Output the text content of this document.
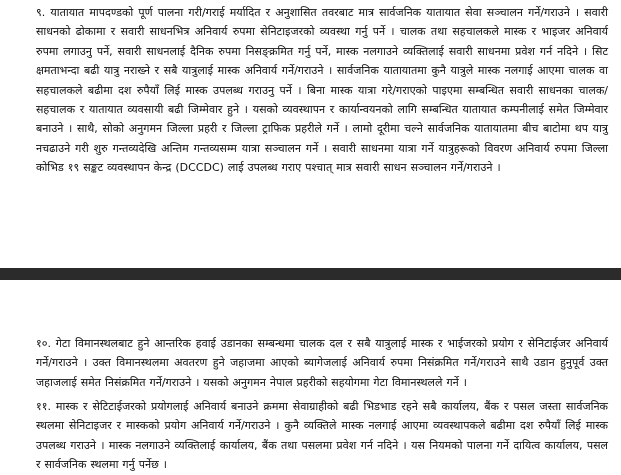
९. यातायात मापदण्डको पूर्ण पालना गरी/गराई मर्यादित र अनुशासित तवरबाट मात्र सार्वजनिक यातायात सेवा सञ्चालन गर्ने/गराउने । सवारी साधनको ढोकामा र सवारी साधनभित्र अनिवार्य रुपमा सेनिटाइजरको व्यवस्था गर्नु पर्ने । चालक तथा सहचालकले मास्क र भाइजर अनिवार्य रुपमा लगाउनु पर्ने, सवारी साधनलाई दैनिक रुपमा निसङ्क्रमित गर्नु पर्ने, मास्क नलगाउने व्यक्तिलाई सवारी साधनमा प्रवेश गर्न नदिने । सिट क्षमताभन्दा बढी यात्रु नराख्ने र सबै यात्रुलाई मास्क अनिवार्य गर्ने/गराउने । सार्वजनिक यातायातमा कुनै यात्रुले मास्क नलगाई आएमा चालक वा सहचालकले बढीमा दश रुपैयाँ लिई मास्क उपलब्ध गराउनु पर्ने । बिना मास्क यात्रा गरे/गराएको पाइएमा सम्बन्धित सवारी साधनका चालक/सहचालक र यातायात व्यवसायी बढी जिम्मेवार हुने । यसको व्यवस्थापन र कार्यान्वयनको लागि सम्बन्धित यातायात कम्पनीलाई समेत जिम्मेवार बनाउने । साथै, सोको अनुगमन जिल्ला प्रहरी र जिल्ला ट्राफिक प्रहरीले गर्ने । लामो दूरीमा चल्ने सार्वजनिक यातायातमा बीच बाटोमा थप यात्रु नचढाउने गरी शुरु गन्तव्यदेखि अन्तिम गन्तव्यसम्म यात्रा सञ्चालन गर्ने । सवारी साधनमा यात्रा गर्ने यात्रुहरूको विवरण अनिवार्य रुपमा जिल्ला कोभिड १९ सङ्कट व्यवस्थापन केन्द्र (DCCDC) लाई उपलब्ध गराए पश्चात् मात्र सवारी साधन सञ्चालन गर्ने/गराउने ।
१०. गेटा विमानस्थलबाट हुने आन्तरिक हवाई उडानका सम्बन्धमा चालक दल र सबै यात्रुलाई मास्क र भाईजरको प्रयोग र सेनिटाईजर अनिवार्य गर्ने/गराउने । उक्त विमानस्थलमा अवतरण हुने जहाजमा आएको ब्यागेजलाई अनिवार्य रुपमा निसंक्रमित गर्ने/गराउने साथै उडान हुनुपूर्व उक्त जहाजलाई समेत निसंक्रमित गर्ने/गराउने । यसको अनुगमन नेपाल प्रहरीको सहयोगमा गेटा विमानस्थलले गर्ने ।
११. मास्क र सेटिटाईजरको प्रयोगलाई अनिवार्य बनाउने क्रममा सेवाग्राहीको बढी भिडभाड रहने सबै कार्यालय, बैंक र पसल जस्ता सार्वजनिक स्थलमा सेनिटाइजर र मास्कको प्रयोग अनिवार्य गर्ने/गराउने । कुनै व्यक्तिले मास्क नलगाई आएमा व्यवस्थापकले बढीमा दश रुपैयाँ लिई मास्क उपलब्ध गराउने । मास्क नलगाउने व्यक्तिलाई कार्यालय, बैंक तथा पसलमा प्रवेश गर्न नदिने । यस नियमको पालना गर्ने दायित्व कार्यालय, पसल र सार्वजनिक स्थलमा गर्नु पर्नेछ ।
